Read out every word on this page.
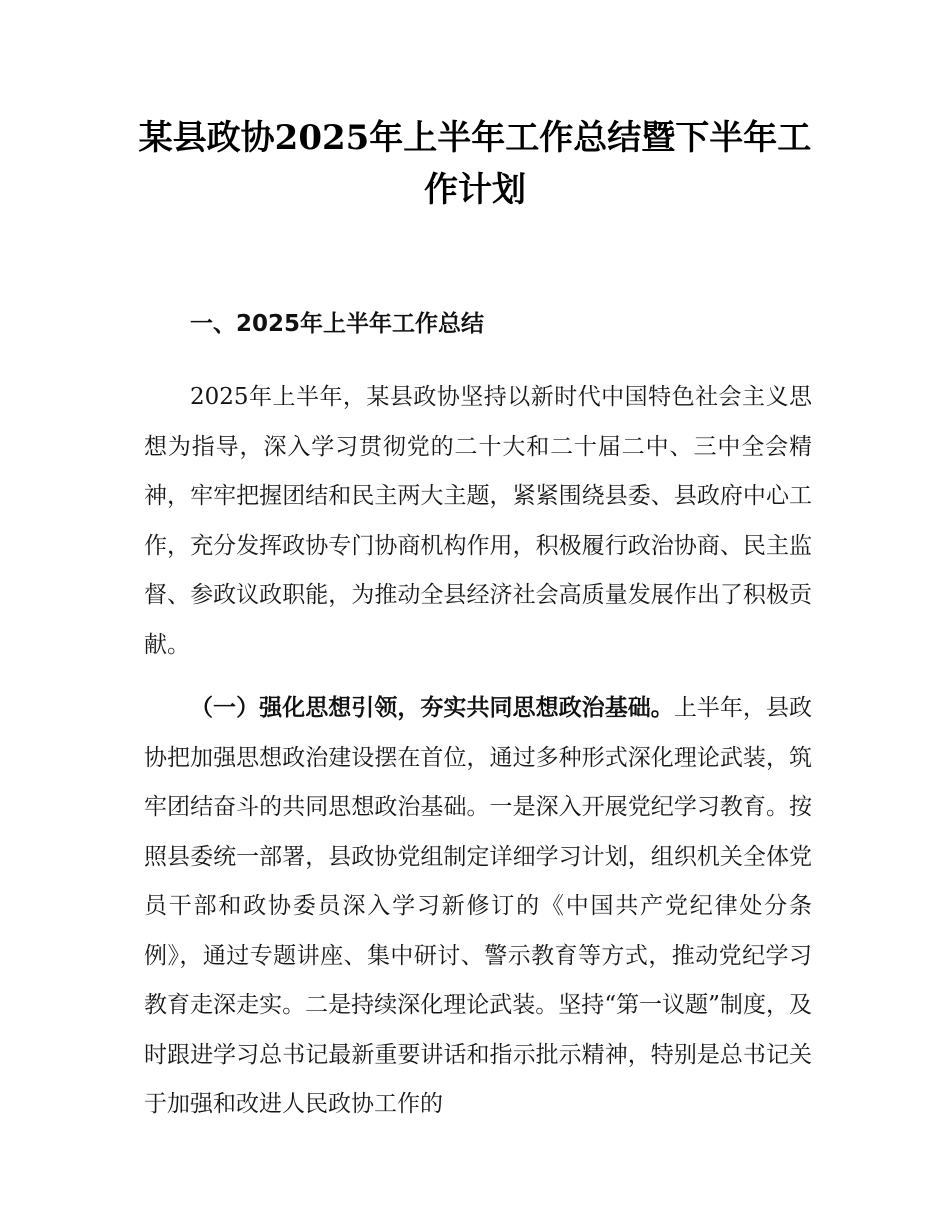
某县政协2025年上半年工作总结暨下半年工作计划
一、2025年上半年工作总结

2025年上半年，某县政协坚持以新时代中国特色社会主义思想为指导，深入学习贯彻党的二十大和二十届二中、三中全会精神，牢牢把握团结和民主两大主题，紧紧围绕县委、县政府中心工作，充分发挥政协专门协商机构作用，积极履行政治协商、民主监督、参政议政职能，为推动全县经济社会高质量发展作出了积极贡献。

（一）强化思想引领，夯实共同思想政治基础。上半年，县政协把加强思想政治建设摆在首位，通过多种形式深化理论武装，筑牢团结奋斗的共同思想政治基础。一是深入开展党纪学习教育。按照县委统一部署，县政协党组制定详细学习计划，组织机关全体党员干部和政协委员深入学习新修订的《中国共产党纪律处分条例》，通过专题讲座、集中研讨、警示教育等方式，推动党纪学习教育走深走实。二是持续深化理论武装。坚持“第一议题”制度，及时跟进学习总书记最新重要讲话和指示批示精神，特别是总书记关于加强和改进人民政协工作的
